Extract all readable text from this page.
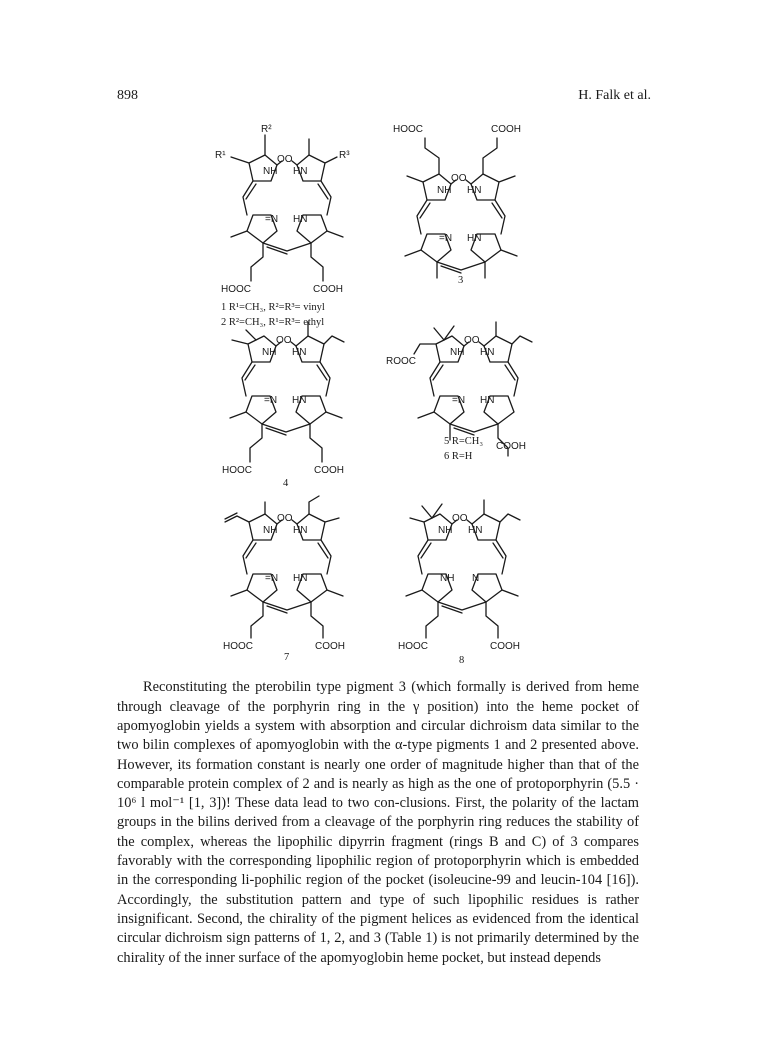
898	H. Falk et al.
R²
R¹	R³
OO
NH HN
=N HN
HOOC	COOH
1 R¹=CH₃, R²=R³= vinyl
2 R²=CH₃, R¹=R³= ethyl
HOOC	COOH
OO
NH HN
=N HN
3
OO
NH HN
=N HN
HOOC	COOH
4
ROOC
OO
NH HN
=N HN
5 R=CH₃
6 R=H
COOH
OO
NH HN
=N HN
HOOC	COOH
7
OO
NH HN
NH N
HOOC	COOH
8

Reconstituting the pterobilin type pigment 3 (which formally is derived from heme through cleavage of the porphyrin ring in the γ position) into the heme pocket of apomyoglobin yields a system with absorption and circular dichroism data similar to the two bilin complexes of apomyoglobin with the α-type pigments 1 and 2 presented above. However, its formation constant is nearly one order of magnitude higher than that of the comparable protein complex of 2 and is nearly as high as the one of protoporphyrin (5.5 · 10⁶ l mol⁻¹ [1, 3])! These data lead to two con-clusions. First, the polarity of the lactam groups in the bilins derived from a cleavage of the porphyrin ring reduces the stability of the complex, whereas the lipophilic dipyrrin fragment (rings B and C) of 3 compares favorably with the corresponding lipophilic region of protoporphyrin which is embedded in the corresponding li-pophilic region of the pocket (isoleucine-99 and leucin-104 [16]). Accordingly, the substitution pattern and type of such lipophilic residues is rather insignificant. Second, the chirality of the pigment helices as evidenced from the identical circular dichroism sign patterns of 1, 2, and 3 (Table 1) is not primarily determined by the chirality of the inner surface of the apomyoglobin heme pocket, but instead depends
